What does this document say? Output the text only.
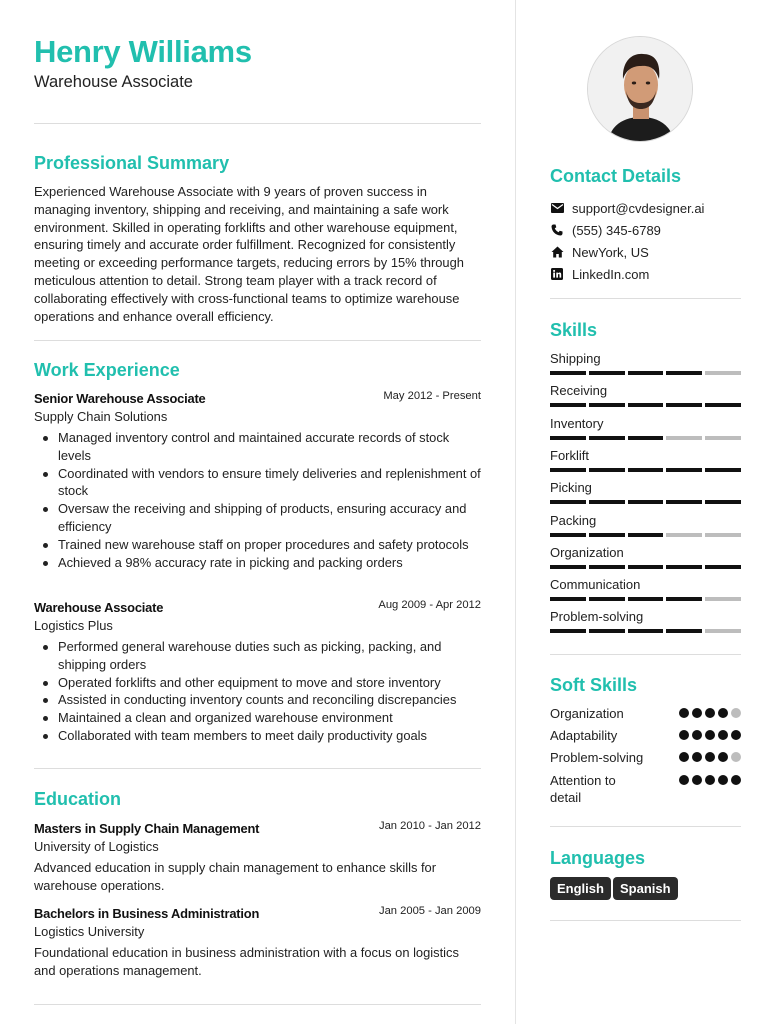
Henry Williams
Warehouse Associate
Professional Summary
Experienced Warehouse Associate with 9 years of proven success in managing inventory, shipping and receiving, and maintaining a safe work environment. Skilled in operating forklifts and other warehouse equipment, ensuring timely and accurate order fulfillment. Recognized for consistently meeting or exceeding performance targets, reducing errors by 15% through meticulous attention to detail. Strong team player with a track record of collaborating effectively with cross-functional teams to optimize warehouse operations and enhance overall efficiency.
Work Experience
Senior Warehouse Associate	May 2012 - Present
Supply Chain Solutions
Managed inventory control and maintained accurate records of stock levels
Coordinated with vendors to ensure timely deliveries and replenishment of stock
Oversaw the receiving and shipping of products, ensuring accuracy and efficiency
Trained new warehouse staff on proper procedures and safety protocols
Achieved a 98% accuracy rate in picking and packing orders
Warehouse Associate	Aug 2009 - Apr 2012
Logistics Plus
Performed general warehouse duties such as picking, packing, and shipping orders
Operated forklifts and other equipment to move and store inventory
Assisted in conducting inventory counts and reconciling discrepancies
Maintained a clean and organized warehouse environment
Collaborated with team members to meet daily productivity goals
Education
Masters in Supply Chain Management	Jan 2010 - Jan 2012
University of Logistics
Advanced education in supply chain management to enhance skills for warehouse operations.
Bachelors in Business Administration	Jan 2005 - Jan 2009
Logistics University
Foundational education in business administration with a focus on logistics and operations management.
Contact Details
support@cvdesigner.ai
(555) 345-6789
NewYork, US
LinkedIn.com
Skills
Shipping
Receiving
Inventory
Forklift
Picking
Packing
Organization
Communication
Problem-solving
Soft Skills
Organization
Adaptability
Problem-solving
Attention to detail
Languages
English	Spanish
